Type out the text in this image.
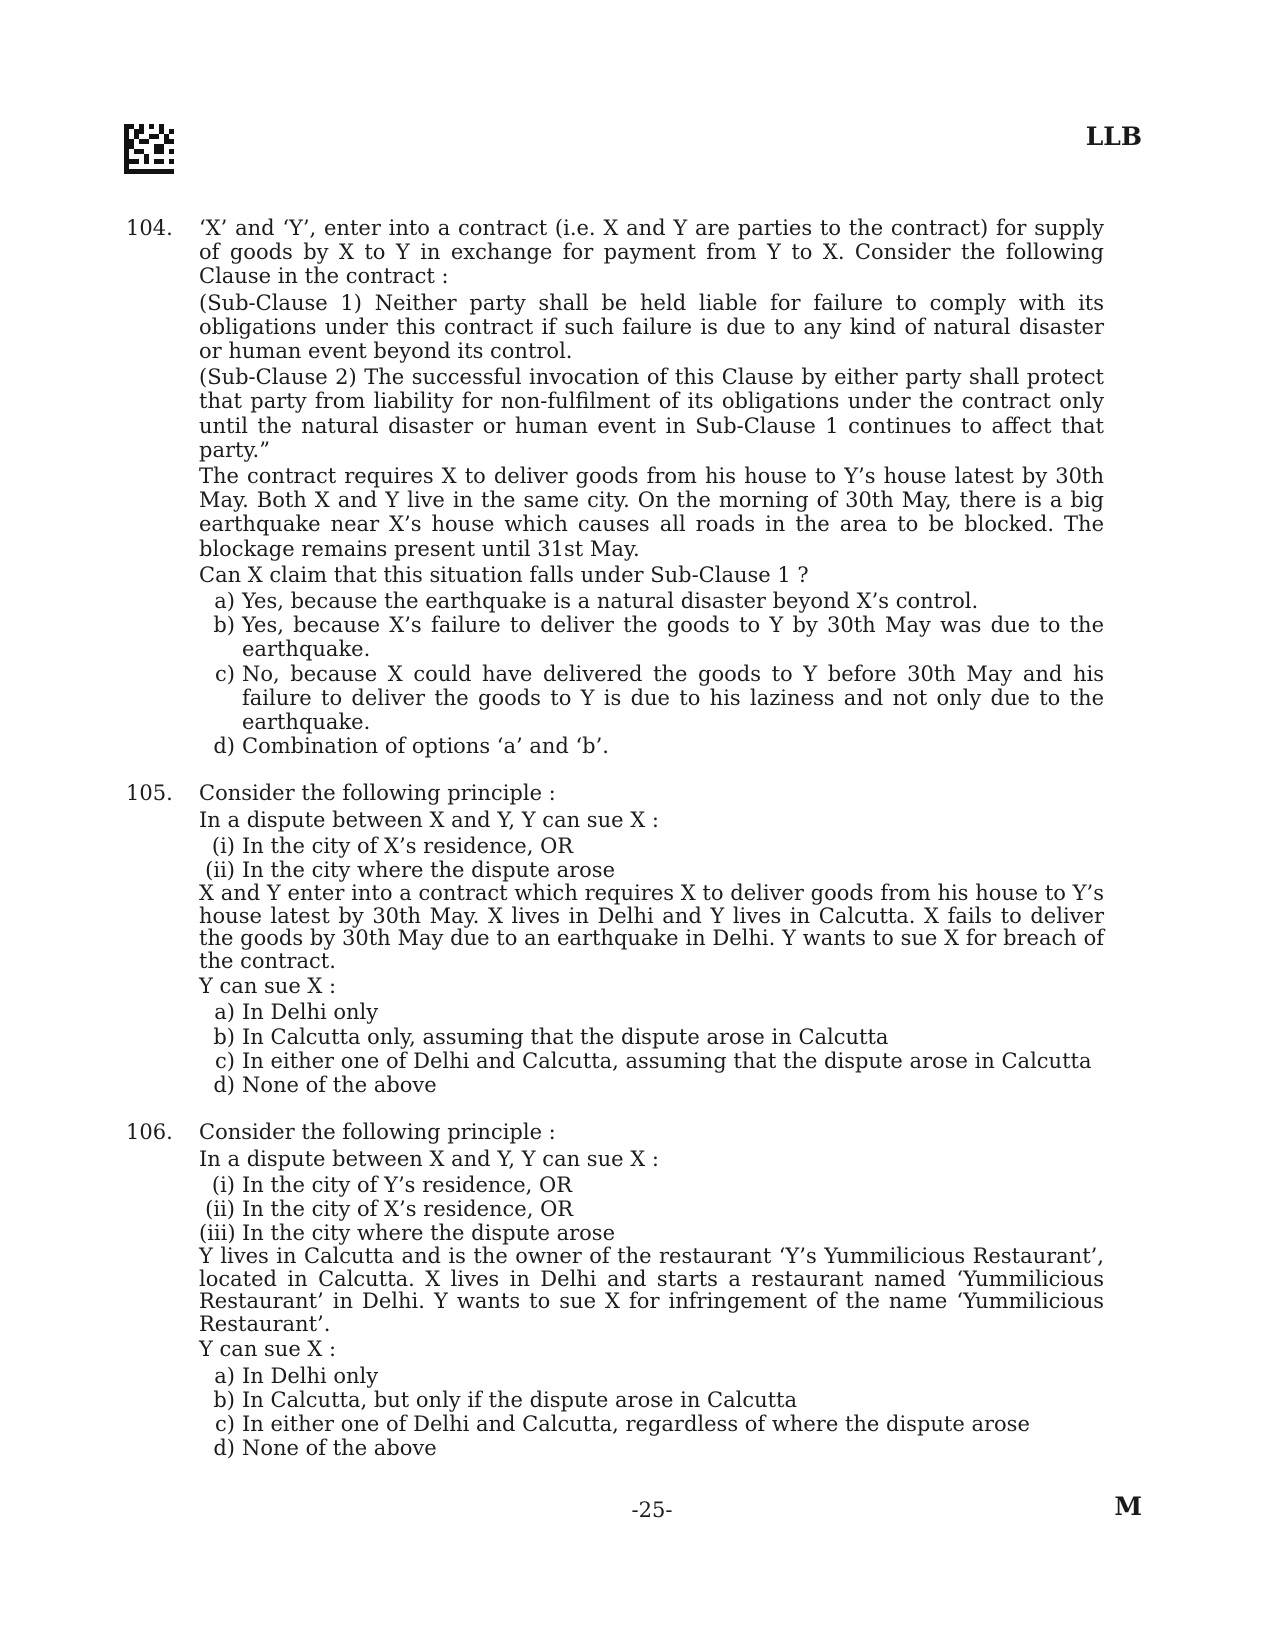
LLB
104.	‘X’ and ‘Y’, enter into a contract (i.e. X and Y are parties to the contract) for supply of goods by X to Y in exchange for payment from Y to X. Consider the following Clause in the contract :

(Sub-Clause 1) Neither party shall be held liable for failure to comply with its obligations under this contract if such failure is due to any kind of natural disaster or human event beyond its control.

(Sub-Clause 2) The successful invocation of this Clause by either party shall protect that party from liability for non-fulfilment of its obligations under the contract only until the natural disaster or human event in Sub-Clause 1 continues to affect that party.”

The contract requires X to deliver goods from his house to Y’s house latest by 30th May. Both X and Y live in the same city. On the morning of 30th May, there is a big earthquake near X’s house which causes all roads in the area to be blocked. The blockage remains present until 31st May.

Can X claim that this situation falls under Sub-Clause 1 ?

a) Yes, because the earthquake is a natural disaster beyond X’s control.
b) Yes, because X’s failure to deliver the goods to Y by 30th May was due to the earthquake.
c) No, because X could have delivered the goods to Y before 30th May and his failure to deliver the goods to Y is due to his laziness and not only due to the earthquake.
d) Combination of options ‘a’ and ‘b’.
105.	Consider the following principle :

In a dispute between X and Y, Y can sue X :

(i) In the city of X’s residence, OR
(ii) In the city where the dispute arose

X and Y enter into a contract which requires X to deliver goods from his house to Y’s house latest by 30th May. X lives in Delhi and Y lives in Calcutta. X fails to deliver the goods by 30th May due to an earthquake in Delhi. Y wants to sue X for breach of the contract.

Y can sue X :

a) In Delhi only
b) In Calcutta only, assuming that the dispute arose in Calcutta
c) In either one of Delhi and Calcutta, assuming that the dispute arose in Calcutta
d) None of the above
106.	Consider the following principle :

In a dispute between X and Y, Y can sue X :

(i) In the city of Y’s residence, OR
(ii) In the city of X’s residence, OR
(iii) In the city where the dispute arose

Y lives in Calcutta and is the owner of the restaurant ‘Y’s Yummilicious Restaurant’, located in Calcutta. X lives in Delhi and starts a restaurant named ‘Yummilicious Restaurant’ in Delhi. Y wants to sue X for infringement of the name ‘Yummilicious Restaurant’.

Y can sue X :

a) In Delhi only
b) In Calcutta, but only if the dispute arose in Calcutta
c) In either one of Delhi and Calcutta, regardless of where the dispute arose
d) None of the above
-25-	M
